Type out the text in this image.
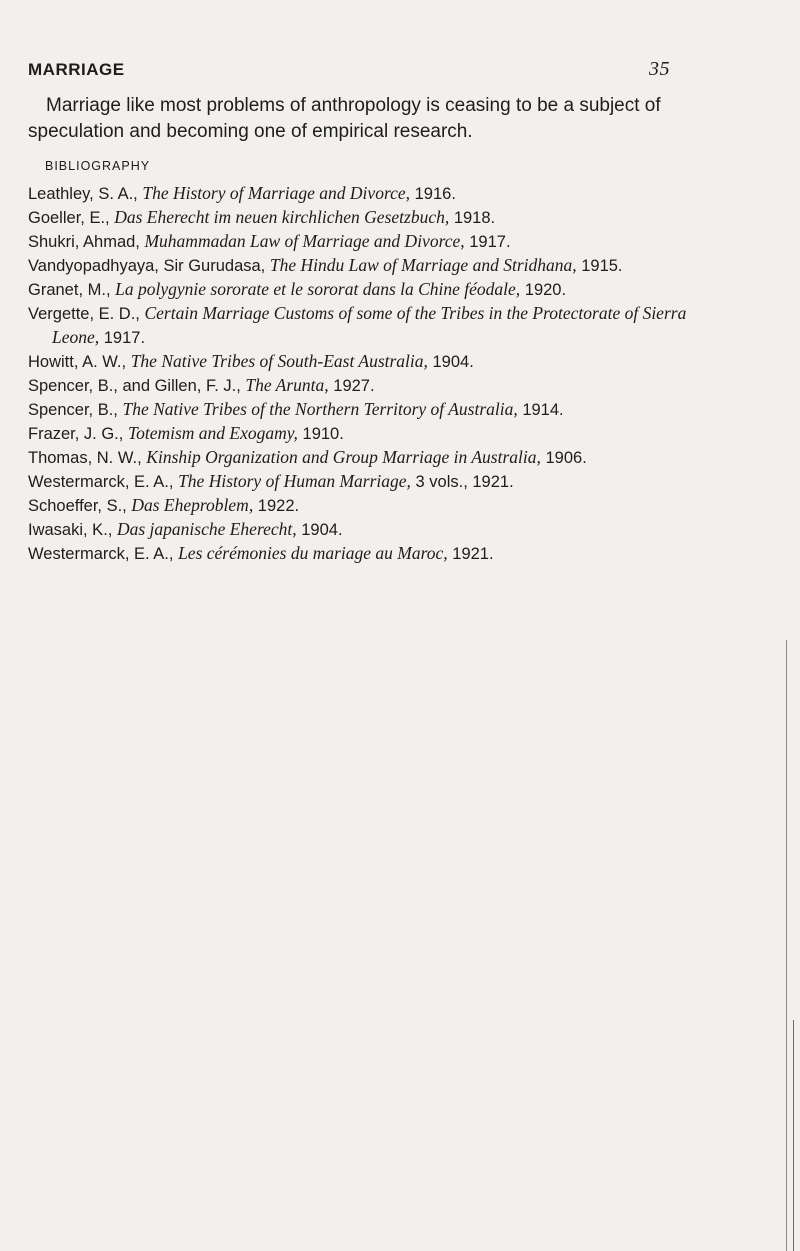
MARRIAGE	35

Marriage like most problems of anthropology is ceasing to be a subject of speculation and becoming one of empirical research.

BIBLIOGRAPHY
Leathley, S. A., The History of Marriage and Divorce, 1916.
Goeller, E., Das Eherecht im neuen kirchlichen Gesetzbuch, 1918.
Shukri, Ahmad, Muhammadan Law of Marriage and Divorce, 1917.
Vandyopadhyaya, Sir Gurudasa, The Hindu Law of Marriage and Stridhana, 1915.
Granet, M., La polygynie sororate et le sororat dans la Chine féodale, 1920.
Vergette, E. D., Certain Marriage Customs of some of the Tribes in the Protectorate of Sierra Leone, 1917.
Howitt, A. W., The Native Tribes of South-East Australia, 1904.
Spencer, B., and Gillen, F. J., The Arunta, 1927.
Spencer, B., The Native Tribes of the Northern Territory of Australia, 1914.
Frazer, J. G., Totemism and Exogamy, 1910.
Thomas, N. W., Kinship Organization and Group Marriage in Australia, 1906.
Westermarck, E. A., The History of Human Marriage, 3 vols., 1921.
Schoeffer, S., Das Eheproblem, 1922.
Iwasaki, K., Das japanische Eherecht, 1904.
Westermarck, E. A., Les cérémonies du mariage au Maroc, 1921.
